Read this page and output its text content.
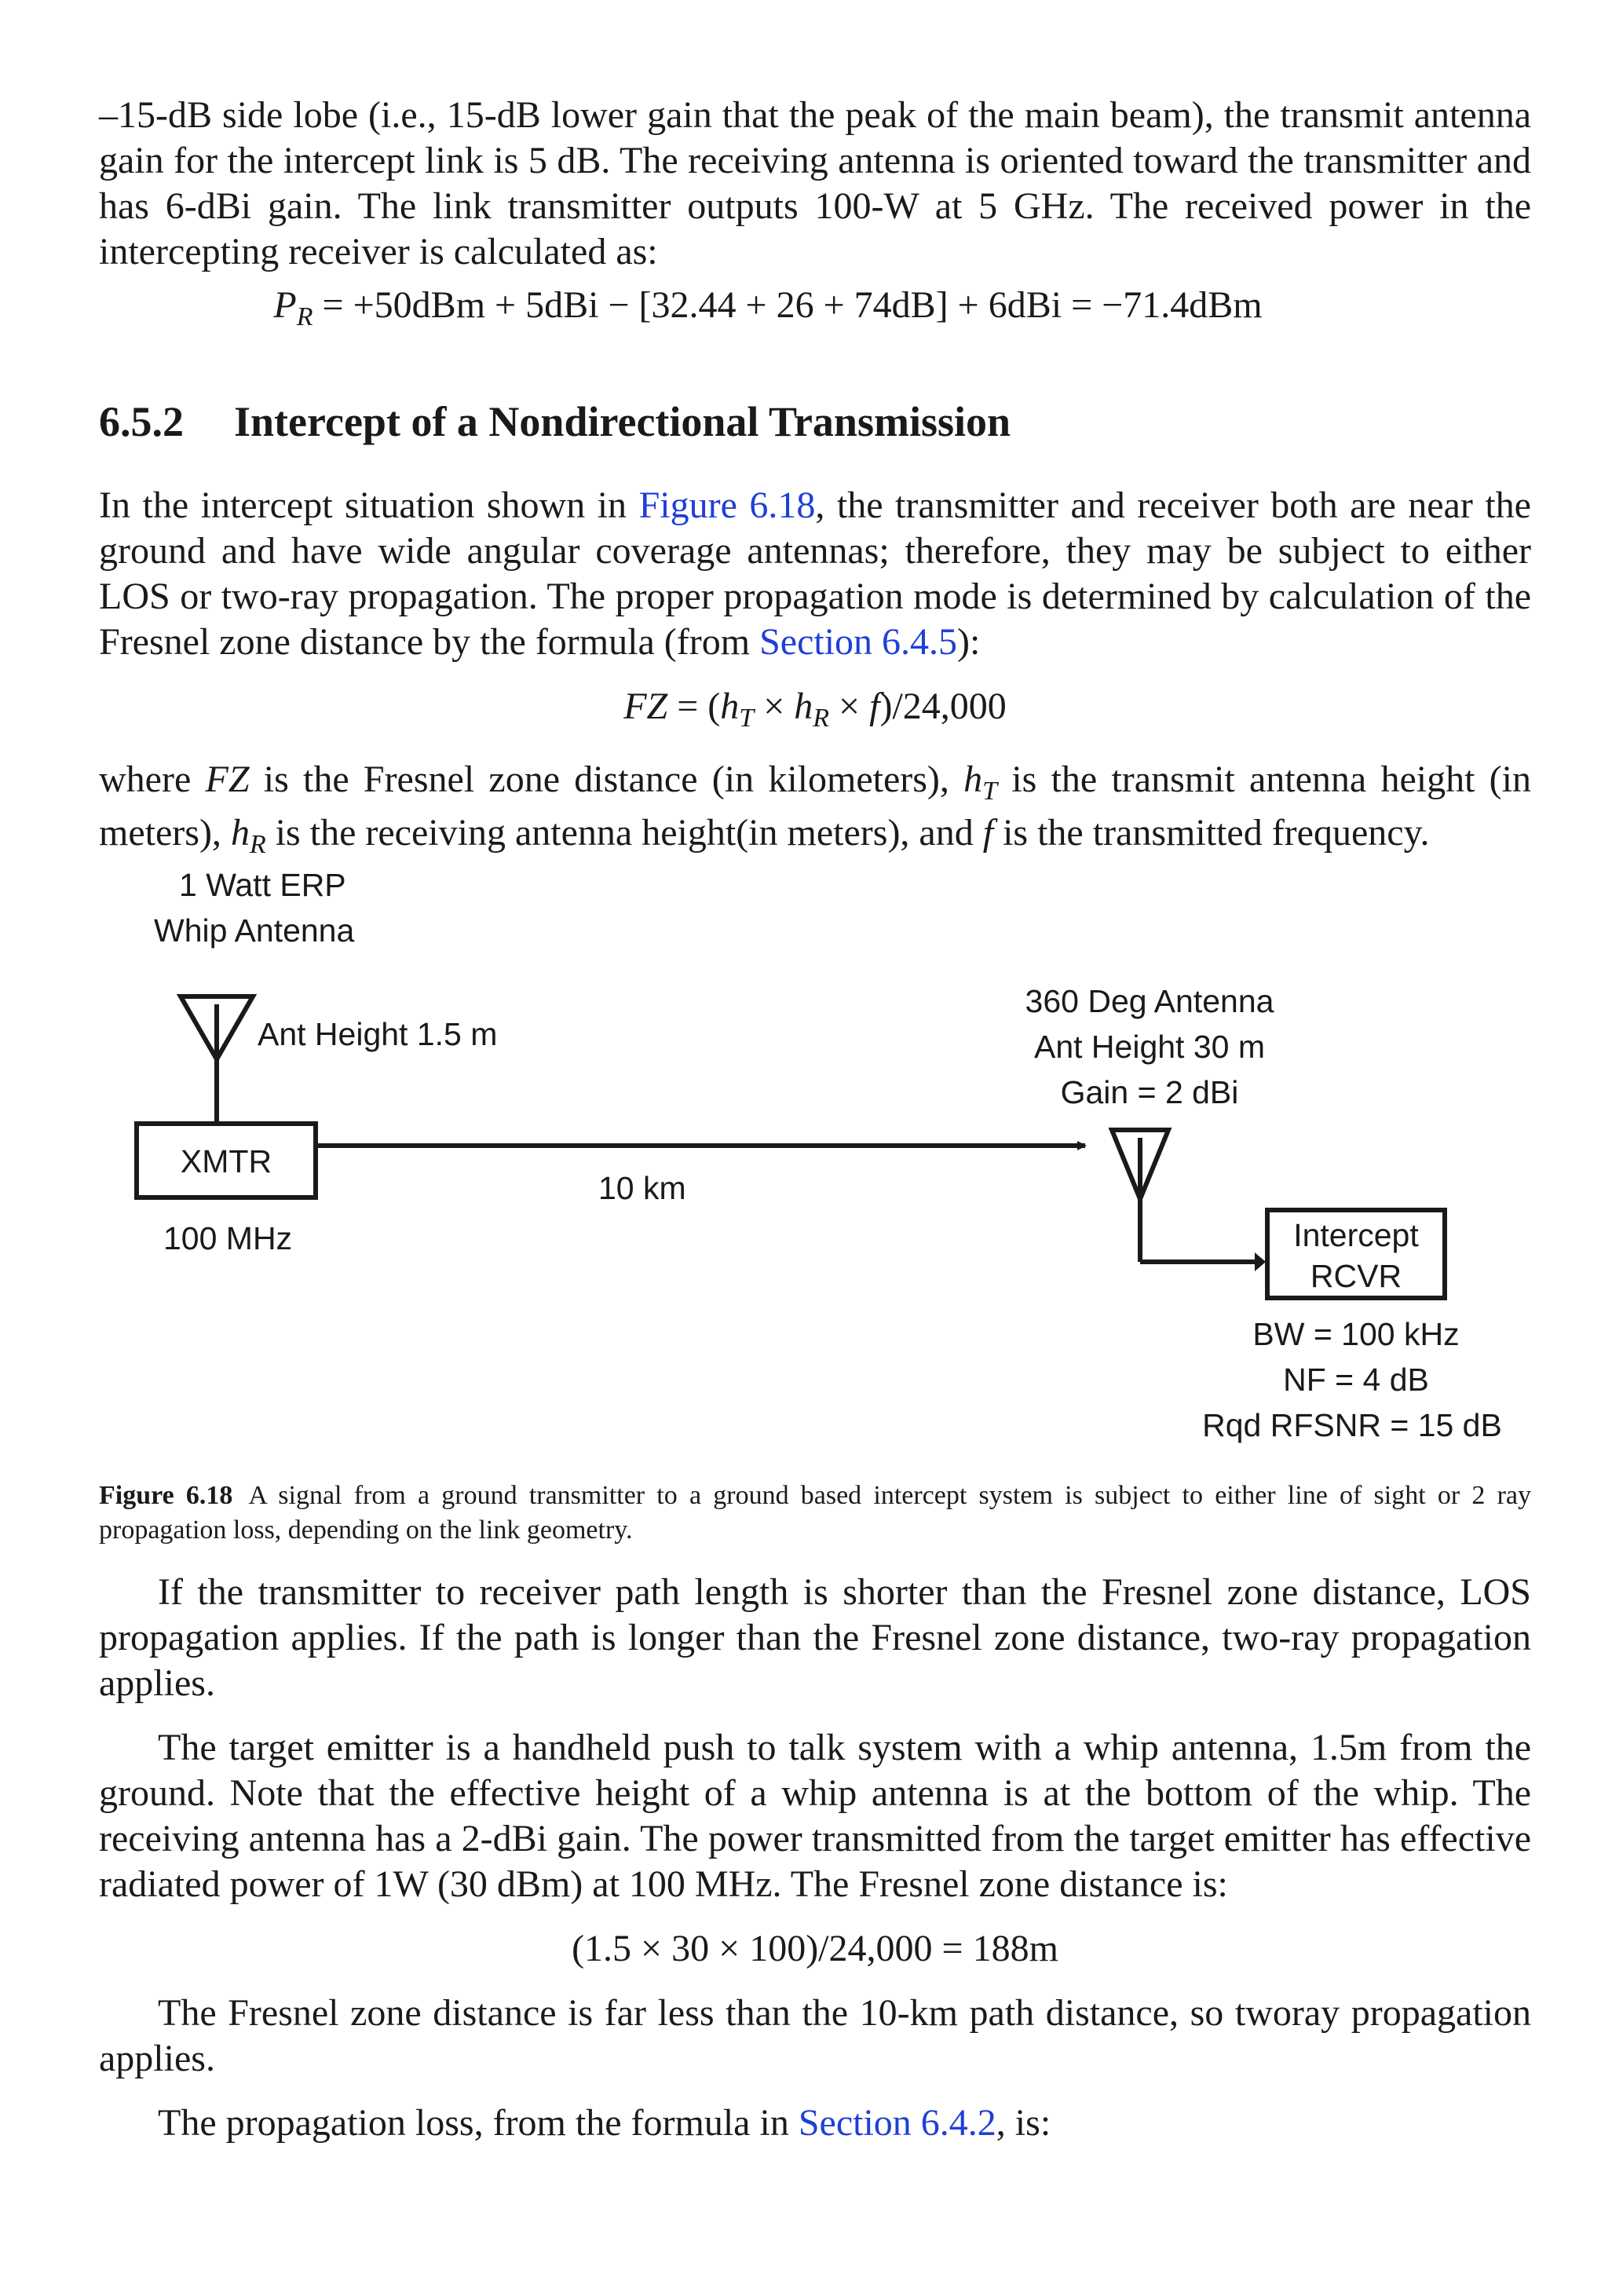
–15-dB side lobe (i.e., 15-dB lower gain that the peak of the main beam), the transmit antenna gain for the intercept link is 5 dB. The receiving antenna is oriented toward the transmitter and has 6-dBi gain. The link transmitter outputs 100-W at 5 GHz. The received power in the intercepting receiver is calculated as:

$P_R = +50dBm + 5dBi - [32.44 + 26 + 74dB] + 6dBi = -71.4dBm$

6.5.2 Intercept of a Nondirectional Transmission

In the intercept situation shown in Figure 6.18, the transmitter and receiver both are near the ground and have wide angular coverage antennas; therefore, they may be subject to either LOS or two-ray propagation. The proper propagation mode is determined by calculation of the Fresnel zone distance by the formula (from Section 6.4.5):

FZ = $(h_T \times h_R \times f)/24,000$

where FZ is the Fresnel zone distance (in kilometers), $h_T$ is the transmit antenna height (in meters), $h_R$ is the receiving antenna height(in meters), and f is the transmitted frequency.

1 Watt ERP
Whip Antenna
Ant Height 1.5 m
XMTR
100 MHz
10 km
360 Deg Antenna
Ant Height 30 m
Gain = 2 dBi
Intercept
RCVR
BW = 100 kHz
NF = 4 dB
Rqd RFSNR = 15 dB

Figure 6.18 A signal from a ground transmitter to a ground based intercept system is subject to either line of sight or 2 ray propagation loss, depending on the link geometry.

If the transmitter to receiver path length is shorter than the Fresnel zone distance, LOS propagation applies. If the path is longer than the Fresnel zone distance, two-ray propagation applies.

The target emitter is a handheld push to talk system with a whip antenna, 1.5m from the ground. Note that the effective height of a whip antenna is at the bottom of the whip. The receiving antenna has a 2-dBi gain. The power transmitted from the target emitter has effective radiated power of 1W (30 dBm) at 100 MHz. The Fresnel zone distance is:

(1.5 × 30 × 100)/24,000 = 188m

The Fresnel zone distance is far less than the 10-km path distance, so tworay propagation applies.

The propagation loss, from the formula in Section 6.4.2, is:
